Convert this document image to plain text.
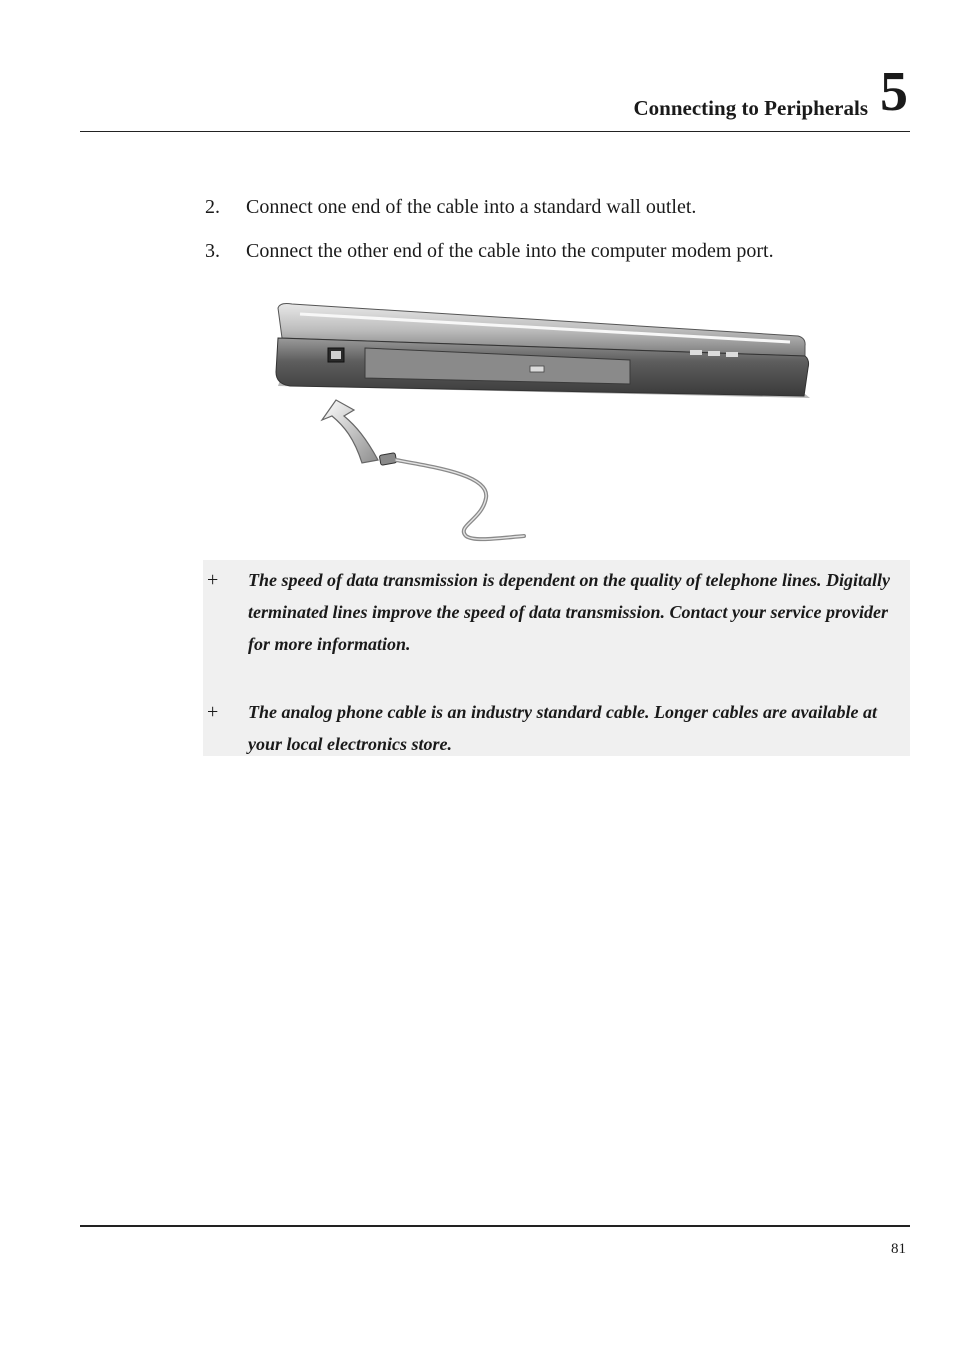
Connecting to Peripherals 5
2. Connect one end of the cable into a standard wall outlet.
3. Connect the other end of the cable into the computer modem port.
+ The speed of data transmission is dependent on the quality of telephone lines. Digitally terminated lines improve the speed of data transmission. Contact your service provider for more information.
+ The analog phone cable is an industry standard cable. Longer cables are available at your local electronics store.
81
